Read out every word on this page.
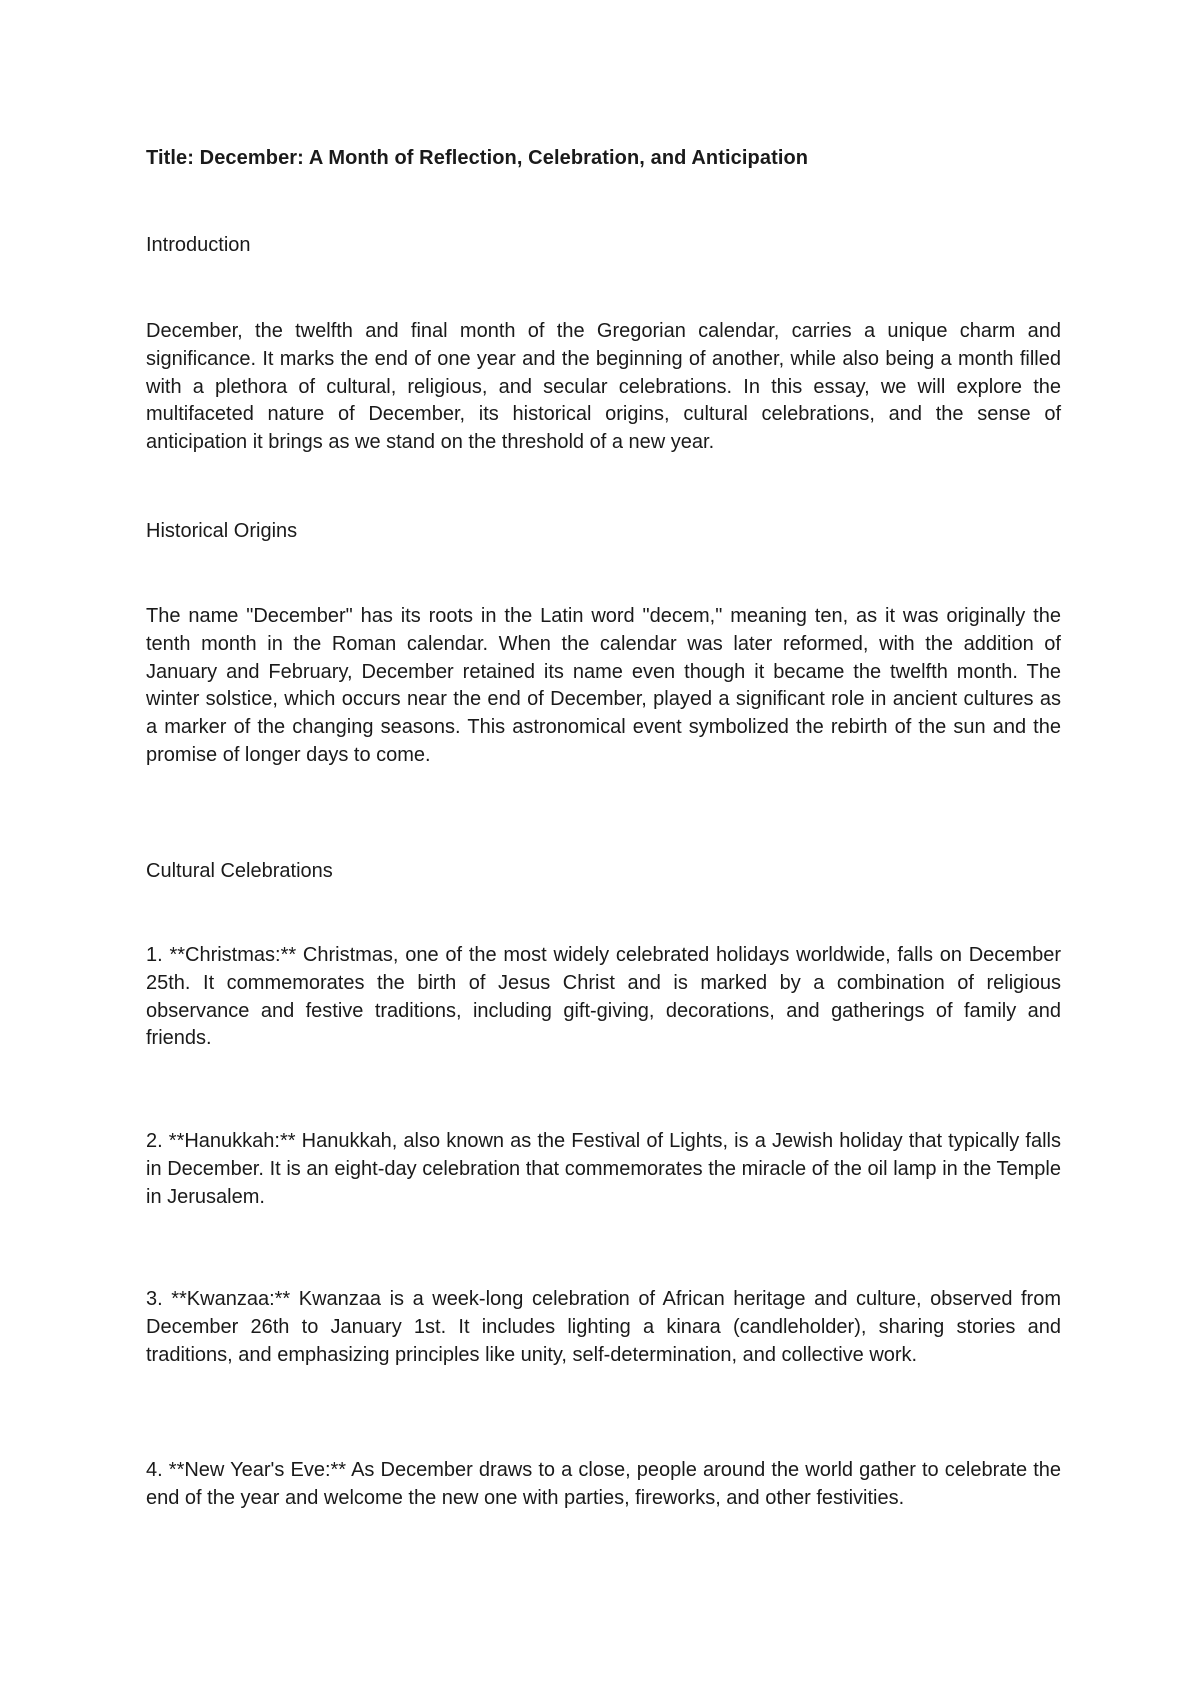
Title: December: A Month of Reflection, Celebration, and Anticipation

Introduction

December, the twelfth and final month of the Gregorian calendar, carries a unique charm and significance. It marks the end of one year and the beginning of another, while also being a month filled with a plethora of cultural, religious, and secular celebrations. In this essay, we will explore the multifaceted nature of December, its historical origins, cultural celebrations, and the sense of anticipation it brings as we stand on the threshold of a new year.

Historical Origins

The name "December" has its roots in the Latin word "decem," meaning ten, as it was originally the tenth month in the Roman calendar. When the calendar was later reformed, with the addition of January and February, December retained its name even though it became the twelfth month. The winter solstice, which occurs near the end of December, played a significant role in ancient cultures as a marker of the changing seasons. This astronomical event symbolized the rebirth of the sun and the promise of longer days to come.

Cultural Celebrations

1. **Christmas:** Christmas, one of the most widely celebrated holidays worldwide, falls on December 25th. It commemorates the birth of Jesus Christ and is marked by a combination of religious observance and festive traditions, including gift-giving, decorations, and gatherings of family and friends.

2. **Hanukkah:** Hanukkah, also known as the Festival of Lights, is a Jewish holiday that typically falls in December. It is an eight-day celebration that commemorates the miracle of the oil lamp in the Temple in Jerusalem.

3. **Kwanzaa:** Kwanzaa is a week-long celebration of African heritage and culture, observed from December 26th to January 1st. It includes lighting a kinara (candleholder), sharing stories and traditions, and emphasizing principles like unity, self-determination, and collective work.

4. **New Year's Eve:** As December draws to a close, people around the world gather to celebrate the end of the year and welcome the new one with parties, fireworks, and other festivities.
